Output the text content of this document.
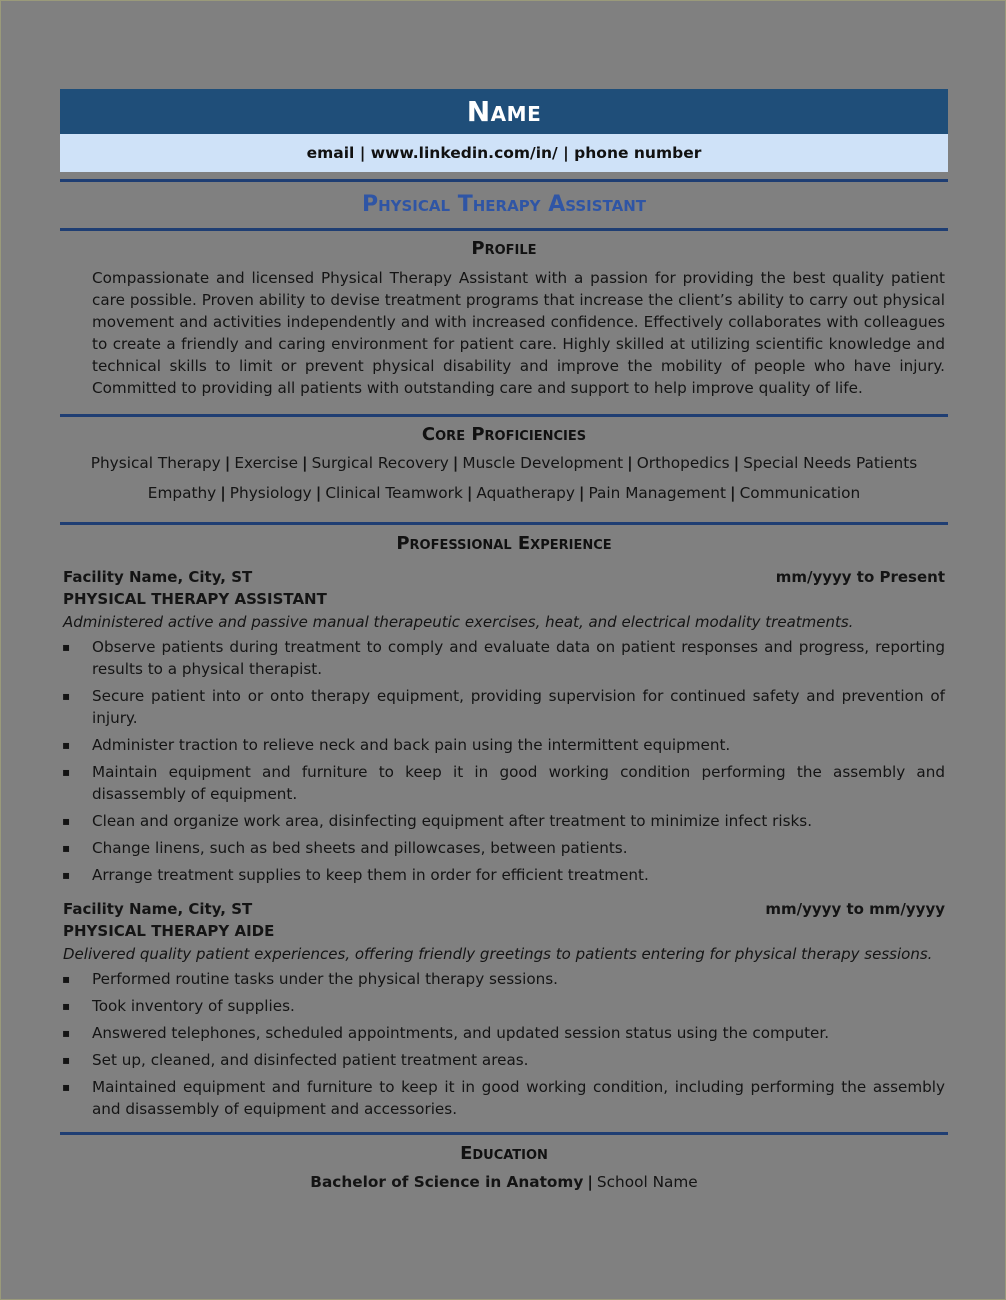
Name
email | www.linkedin.com/in/ | phone number
Physical Therapy Assistant
Profile
Compassionate and licensed Physical Therapy Assistant with a passion for providing the best quality patient care possible. Proven ability to devise treatment programs that increase the client’s ability to carry out physical movement and activities independently and with increased confidence. Effectively collaborates with colleagues to create a friendly and caring environment for patient care. Highly skilled at utilizing scientific knowledge and technical skills to limit or prevent physical disability and improve the mobility of people who have injury. Committed to providing all patients with outstanding care and support to help improve quality of life.
Core Proficiencies
Physical Therapy | Exercise | Surgical Recovery | Muscle Development | Orthopedics | Special Needs Patients
Empathy | Physiology | Clinical Teamwork | Aquatherapy | Pain Management | Communication
Professional Experience
Facility Name, City, ST	mm/yyyy to Present
PHYSICAL THERAPY ASSISTANT
Administered active and passive manual therapeutic exercises, heat, and electrical modality treatments.
▪ Observe patients during treatment to comply and evaluate data on patient responses and progress, reporting results to a physical therapist.
▪ Secure patient into or onto therapy equipment, providing supervision for continued safety and prevention of injury.
▪ Administer traction to relieve neck and back pain using the intermittent equipment.
▪ Maintain equipment and furniture to keep it in good working condition performing the assembly and disassembly of equipment.
▪ Clean and organize work area, disinfecting equipment after treatment to minimize infect risks.
▪ Change linens, such as bed sheets and pillowcases, between patients.
▪ Arrange treatment supplies to keep them in order for efficient treatment.
Facility Name, City, ST	mm/yyyy to mm/yyyy
PHYSICAL THERAPY AIDE
Delivered quality patient experiences, offering friendly greetings to patients entering for physical therapy sessions.
▪ Performed routine tasks under the physical therapy sessions.
▪ Took inventory of supplies.
▪ Answered telephones, scheduled appointments, and updated session status using the computer.
▪ Set up, cleaned, and disinfected patient treatment areas.
▪ Maintained equipment and furniture to keep it in good working condition, including performing the assembly and disassembly of equipment and accessories.
Education
Bachelor of Science in Anatomy | School Name
